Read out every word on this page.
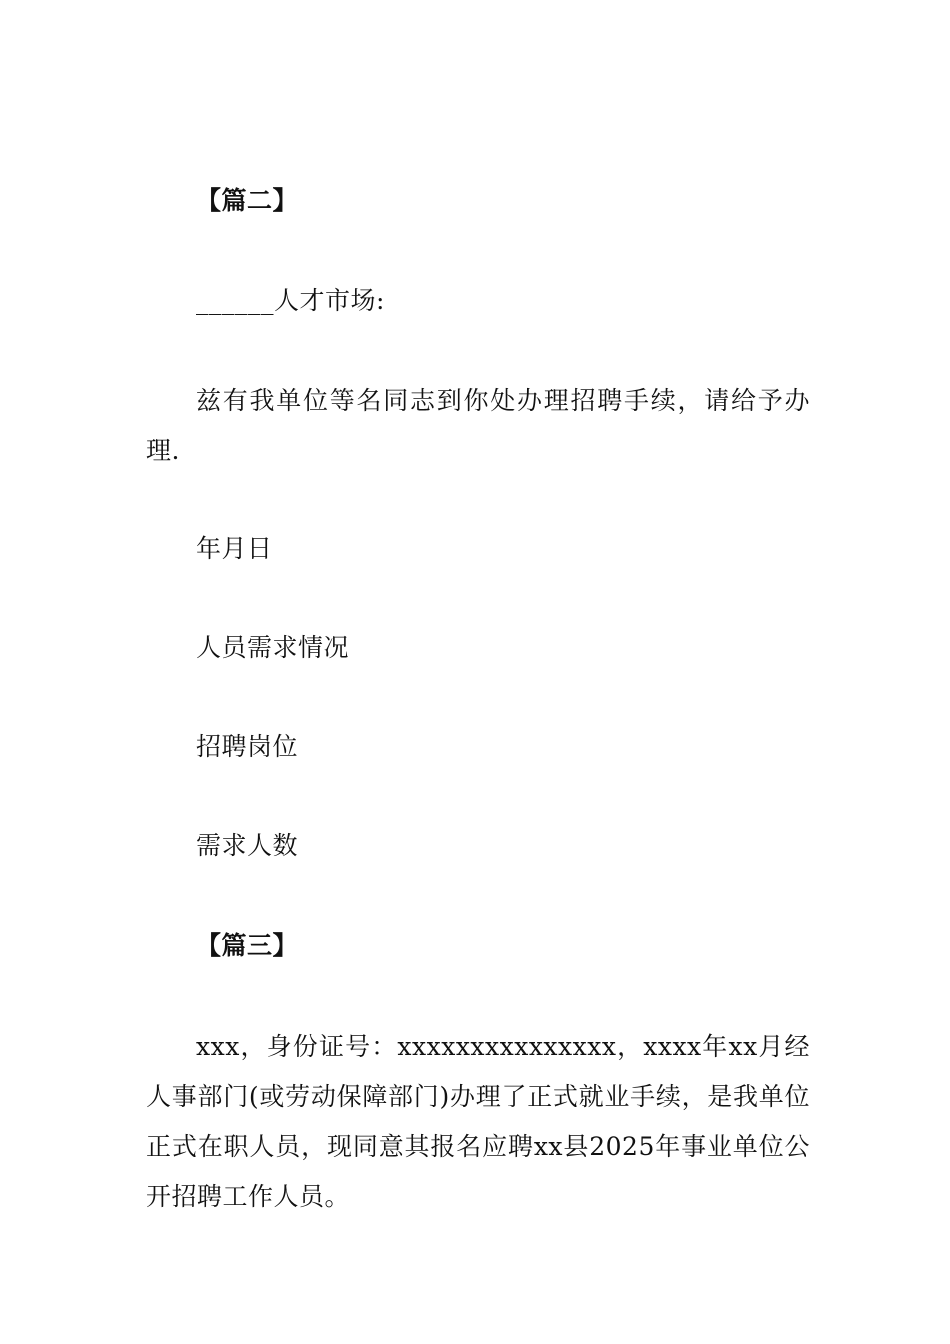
【篇二】
______人才市场:
兹有我单位等名同志到你处办理招聘手续，请给予办理.
年月日
人员需求情况
招聘岗位
需求人数
【篇三】
xxx，身份证号：xxxxxxxxxxxxxxx，xxxx年xx月经人事部门(或劳动保障部门)办理了正式就业手续，是我单位正式在职人员，现同意其报名应聘xx县2025年事业单位公开招聘工作人员。
